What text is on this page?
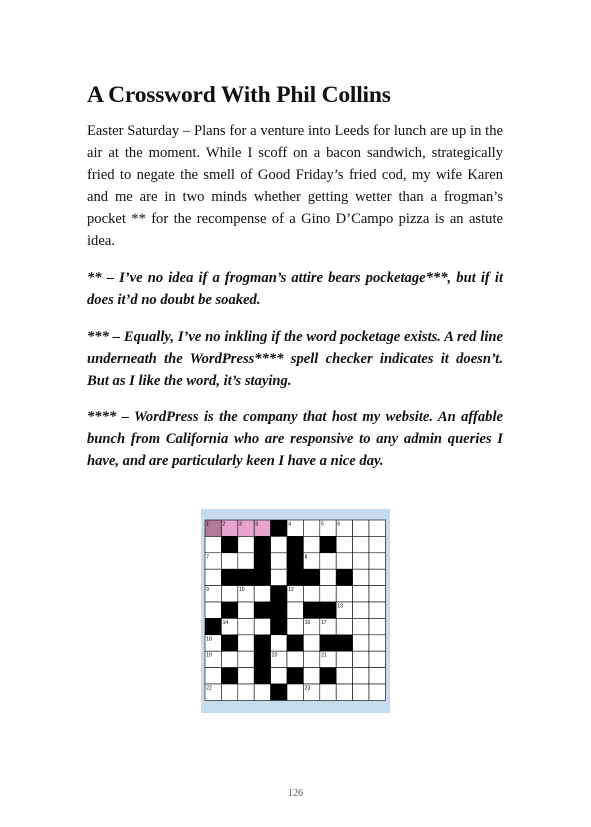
A Crossword With Phil Collins

Easter Saturday – Plans for a venture into Leeds for lunch are up in the air at the moment. While I scoff on a bacon sandwich, strategically fried to negate the smell of Good Friday’s fried cod, my wife Karen and me are in two minds whether getting wetter than a frogman’s pocket ** for the recompense of a Gino D’Campo pizza is an astute idea.

** – I’ve no idea if a frogman’s attire bears pocketage***, but if it does it’d no doubt be soaked.

*** – Equally, I’ve no inkling if the word pocketage exists. A red line underneath the WordPress**** spell checker indicates it doesn’t. But as I like the word, it’s staying.

**** – WordPress is the company that host my website. An affable bunch from California who are responsive to any admin queries I have, and are particularly keen I have a nice day.

1	2	3	3	4	5	6
7	8
9	10	11 12
13
14	15	16 17
18
19	20	21
22	23
126
